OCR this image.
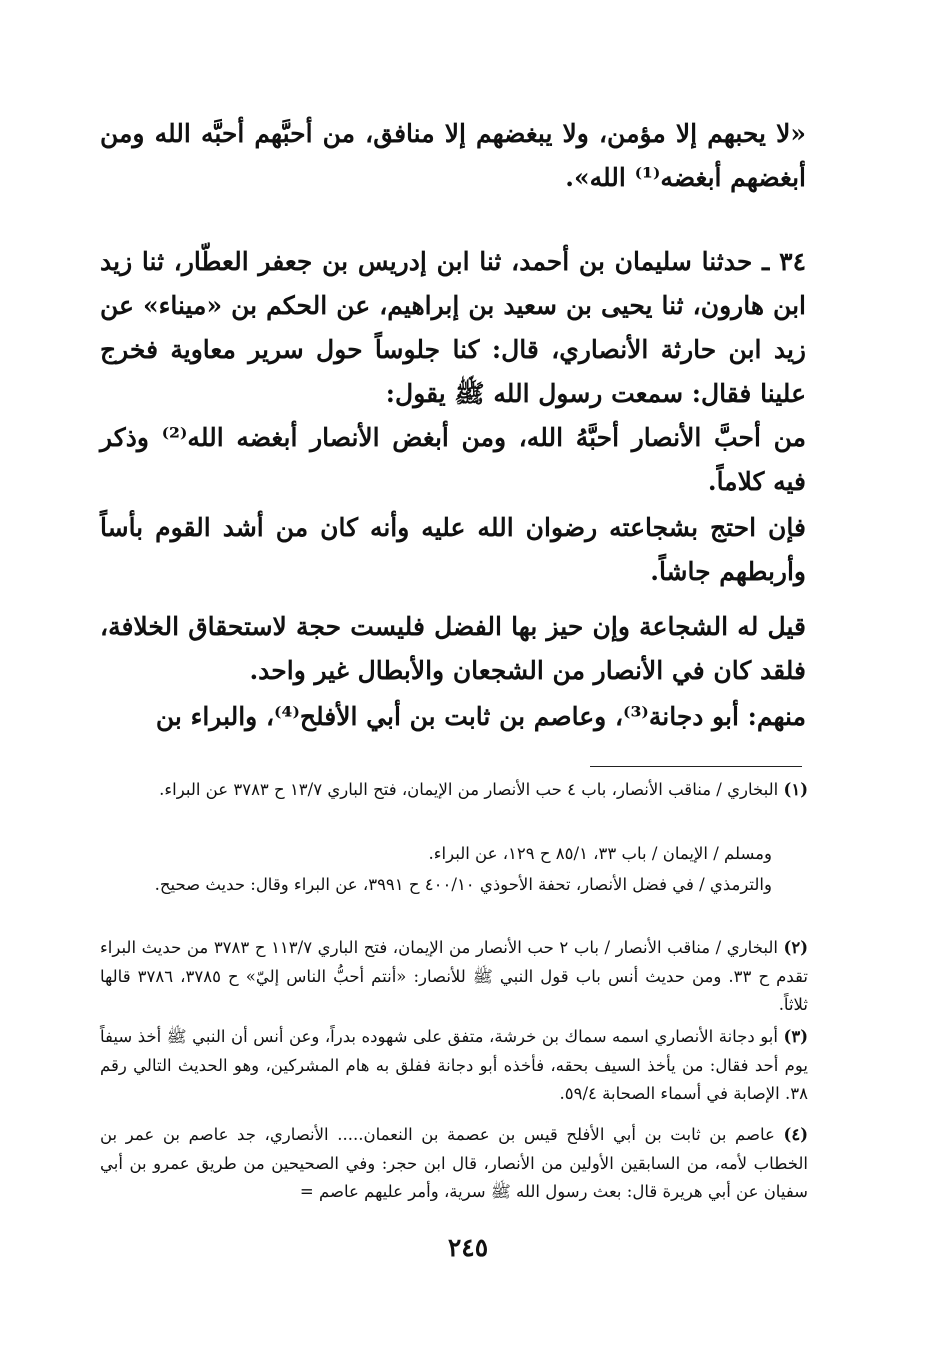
«لا يحبهم إلا مؤمن، ولا يبغضهم إلا منافق، من أحبَّهم أحبَّه الله ومن أبغضهم أبغضه⁽¹⁾ الله».

٣٤ ـ حدثنا سليمان بن أحمد، ثنا ابن إدريس بن جعفر العطّار، ثنا زيد ابن هارون، ثنا يحيى بن سعيد بن إبراهيم، عن الحكم بن «ميناء» عن زيد ابن حارثة الأنصاري، قال: كنا جلوساً حول سرير معاوية فخرج علينا فقال: سمعت رسول الله ﷺ يقول:

من أحبَّ الأنصار أحبَّهُ الله، ومن أبغض الأنصار أبغضه الله⁽²⁾ وذكر فيه كلاماً.

فإن احتج بشجاعته رضوان الله عليه وأنه كان من أشد القوم بأساً وأربطهم جاشاً.

قيل له الشجاعة وإن حيز بها الفضل فليست حجة لاستحقاق الخلافة، فلقد كان في الأنصار من الشجعان والأبطال غير واحد.

منهم: أبو دجانة⁽³⁾، وعاصم بن ثابت بن أبي الأفلح⁽⁴⁾، والبراء بن

(١) البخاري / مناقب الأنصار، باب ٤ حب الأنصار من الإيمان، فتح الباري ١٣/٧ ح ٣٧٨٣ عن البراء.

ومسلم / الإيمان / باب ٣٣، ٨٥/١ ح ١٢٩، عن البراء.

والترمذي / في فضل الأنصار، تحفة الأحوذي ٤٠٠/١٠ ح ٣٩٩١، عن البراء وقال: حديث صحيح.

(٢) البخاري / مناقب الأنصار / باب ٢ حب الأنصار من الإيمان، فتح الباري ١١٣/٧ ح ٣٧٨٣ من حديث البراء تقدم ح ٣٣. ومن حديث أنس باب قول النبي ﷺ للأنصار: «أنتم أحبُّ الناس إليّ» ح ٣٧٨٥، ٣٧٨٦ قالها ثلاثاً.

(٣) أبو دجانة الأنصاري اسمه سماك بن خرشة، متفق على شهوده بدراً، وعن أنس أن النبي ﷺ أخذ سيفاً يوم أحد فقال: من يأخذ السيف بحقه، فأخذه أبو دجانة ففلق به هام المشركين، وهو الحديث التالي رقم ٣٨. الإصابة في أسماء الصحابة ٥٩/٤.

(٤) عاصم بن ثابت بن أبي الأفلح قيس بن عصمة بن النعمان..... الأنصاري، جد عاصم بن عمر بن الخطاب لأمه، من السابقين الأولين من الأنصار، قال ابن حجر: وفي الصحيحين من طريق عمرو بن أبي سفيان عن أبي هريرة قال: بعث رسول الله ﷺ سرية، وأمر عليهم عاصم =

٢٤٥
